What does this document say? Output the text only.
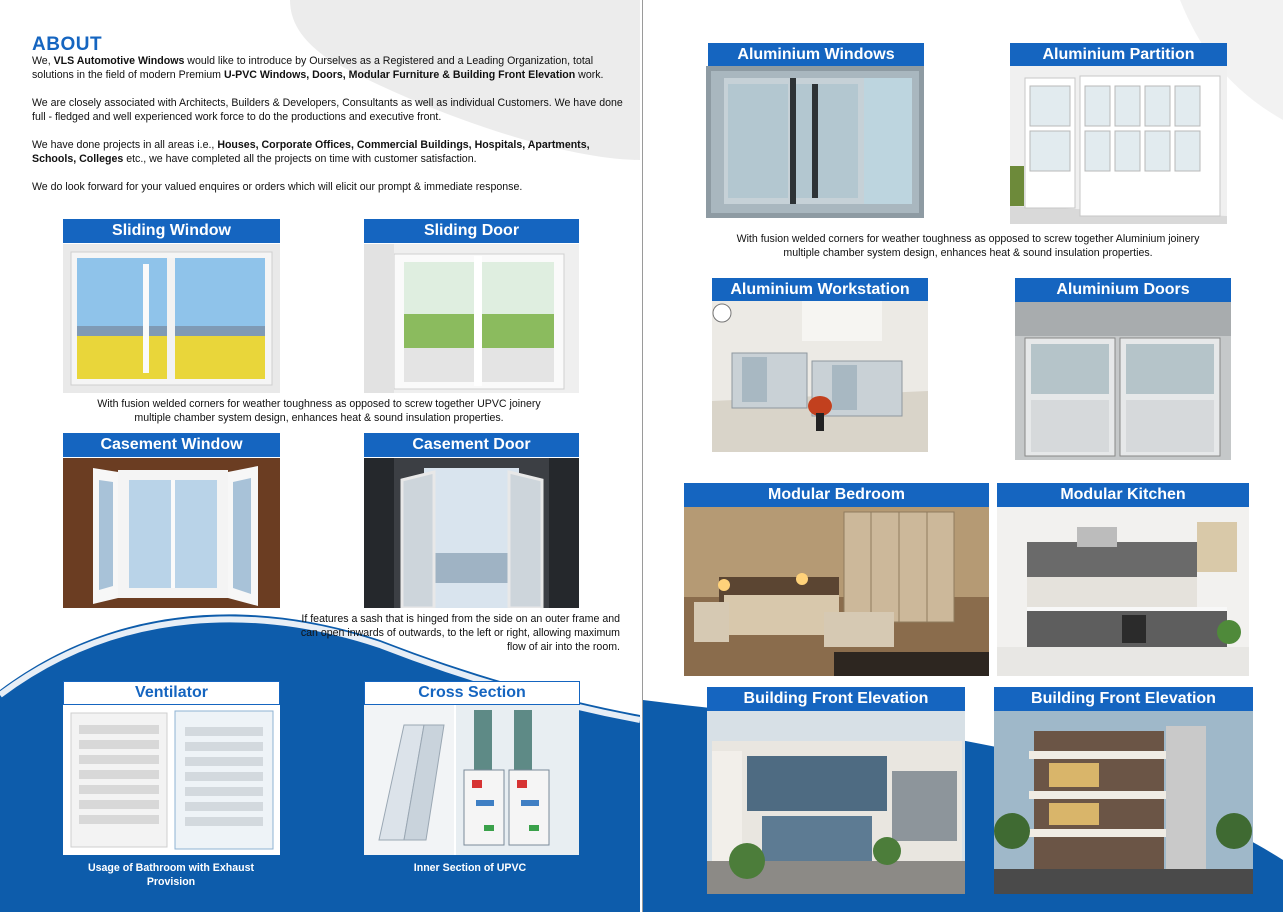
ABOUT

We, VLS Automotive Windows would like to introduce by Ourselves as a Registered and a Leading Organization, total solutions in the field of modern Premium U-PVC Windows, Doors, Modular Furniture & Building Front Elevation work.

We are closely associated with Architects, Builders & Developers, Consultants as well as individual Customers. We have done full - fledged and well experienced work force to do the productions and executive front.

We have done projects in all areas i.e., Houses, Corporate Offices, Commercial Buildings, Hospitals, Apartments, Schools, Colleges etc., we have completed all the projects on time with customer satisfaction.

We do look forward for your valued enquires or orders which will elicit our prompt & immediate response.

Sliding Window	Sliding Door
With fusion welded corners for weather toughness as opposed to screw together UPVC joinery multiple chamber system design, enhances heat & sound insulation properties.
Casement Window	Casement Door
If features a sash that is hinged from the side on an outer frame and can open inwards of outwards, to the left or right, allowing maximum flow of air into the room.
Ventilator
Usage of Bathroom with Exhaust Provision
Cross Section
Inner Section of UPVC
Aluminium Windows	Aluminium Partition
With fusion welded corners for weather toughness as opposed to screw together Aluminium joinery multiple chamber system design, enhances heat & sound insulation properties.
Aluminium Workstation	Aluminium Doors
Modular Bedroom	Modular Kitchen
Building Front Elevation	Building Front Elevation
